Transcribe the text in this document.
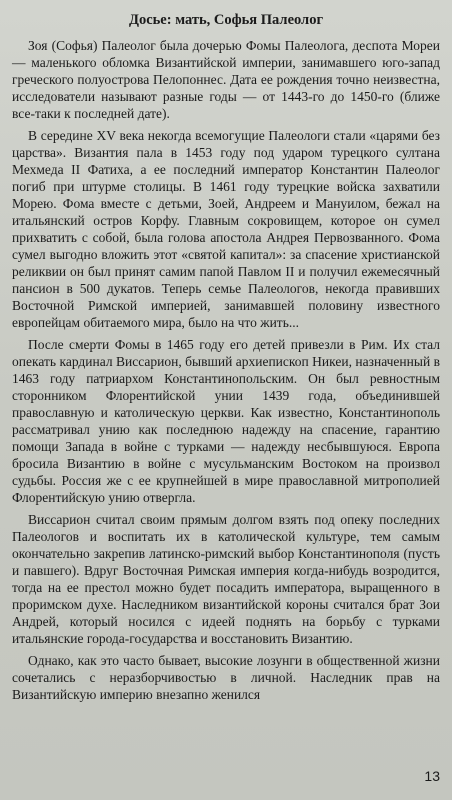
Досье: мать, Софья Палеолог
Зоя (Софья) Палеолог была дочерью Фомы Палеолога, деспота Мореи — маленького обломка Византийской империи, занимавшего юго-запад греческого полуострова Пелопоннес. Дата ее рождения точно неизвестна, исследователи называют разные годы — от 1443-го до 1450-го (ближе все-таки к последней дате).
В середине XV века некогда всемогущие Палеологи стали «царями без царства». Византия пала в 1453 году под ударом турецкого султана Мехмеда II Фатиха, а ее последний император Константин Палеолог погиб при штурме столицы. В 1461 году турецкие войска захватили Морею. Фома вместе с детьми, Зоей, Андреем и Мануилом, бежал на итальянский остров Корфу. Главным сокровищем, которое он сумел прихватить с собой, была голова апостола Андрея Первозванного. Фома сумел выгодно вложить этот «святой капитал»: за спасение христианской реликвии он был принят самим папой Павлом II и получил ежемесячный пансион в 500 дукатов. Теперь семье Палеологов, некогда правивших Восточной Римской империей, занимавшей половину известного европейцам обитаемого мира, было на что жить...
После смерти Фомы в 1465 году его детей привезли в Рим. Их стал опекать кардинал Виссарион, бывший архиепископ Никеи, назначенный в 1463 году патриархом Константинопольским. Он был ревностным сторонником Флорентийской унии 1439 года, объединившей православную и католическую церкви. Как известно, Константинополь рассматривал унию как последнюю надежду на спасение, гарантию помощи Запада в войне с турками — надежду несбывшуюся. Европа бросила Византию в войне с мусульманским Востоком на произвол судьбы. Россия же с ее крупнейшей в мире православной митрополией Флорентийскую унию отвергла.
Виссарион считал своим прямым долгом взять под опеку последних Палеологов и воспитать их в католической культуре, тем самым окончательно закрепив латинско-римский выбор Константинополя (пусть и павшего). Вдруг Восточная Римская империя когда-нибудь возродится, тогда на ее престол можно будет посадить императора, выращенного в проримском духе. Наследником византийской короны считался брат Зои Андрей, который носился с идеей поднять на борьбу с турками итальянские города-государства и восстановить Византию.
Однако, как это часто бывает, высокие лозунги в общественной жизни сочетались с неразборчивостью в личной. Наследник прав на Византийскую империю внезапно женился
13
